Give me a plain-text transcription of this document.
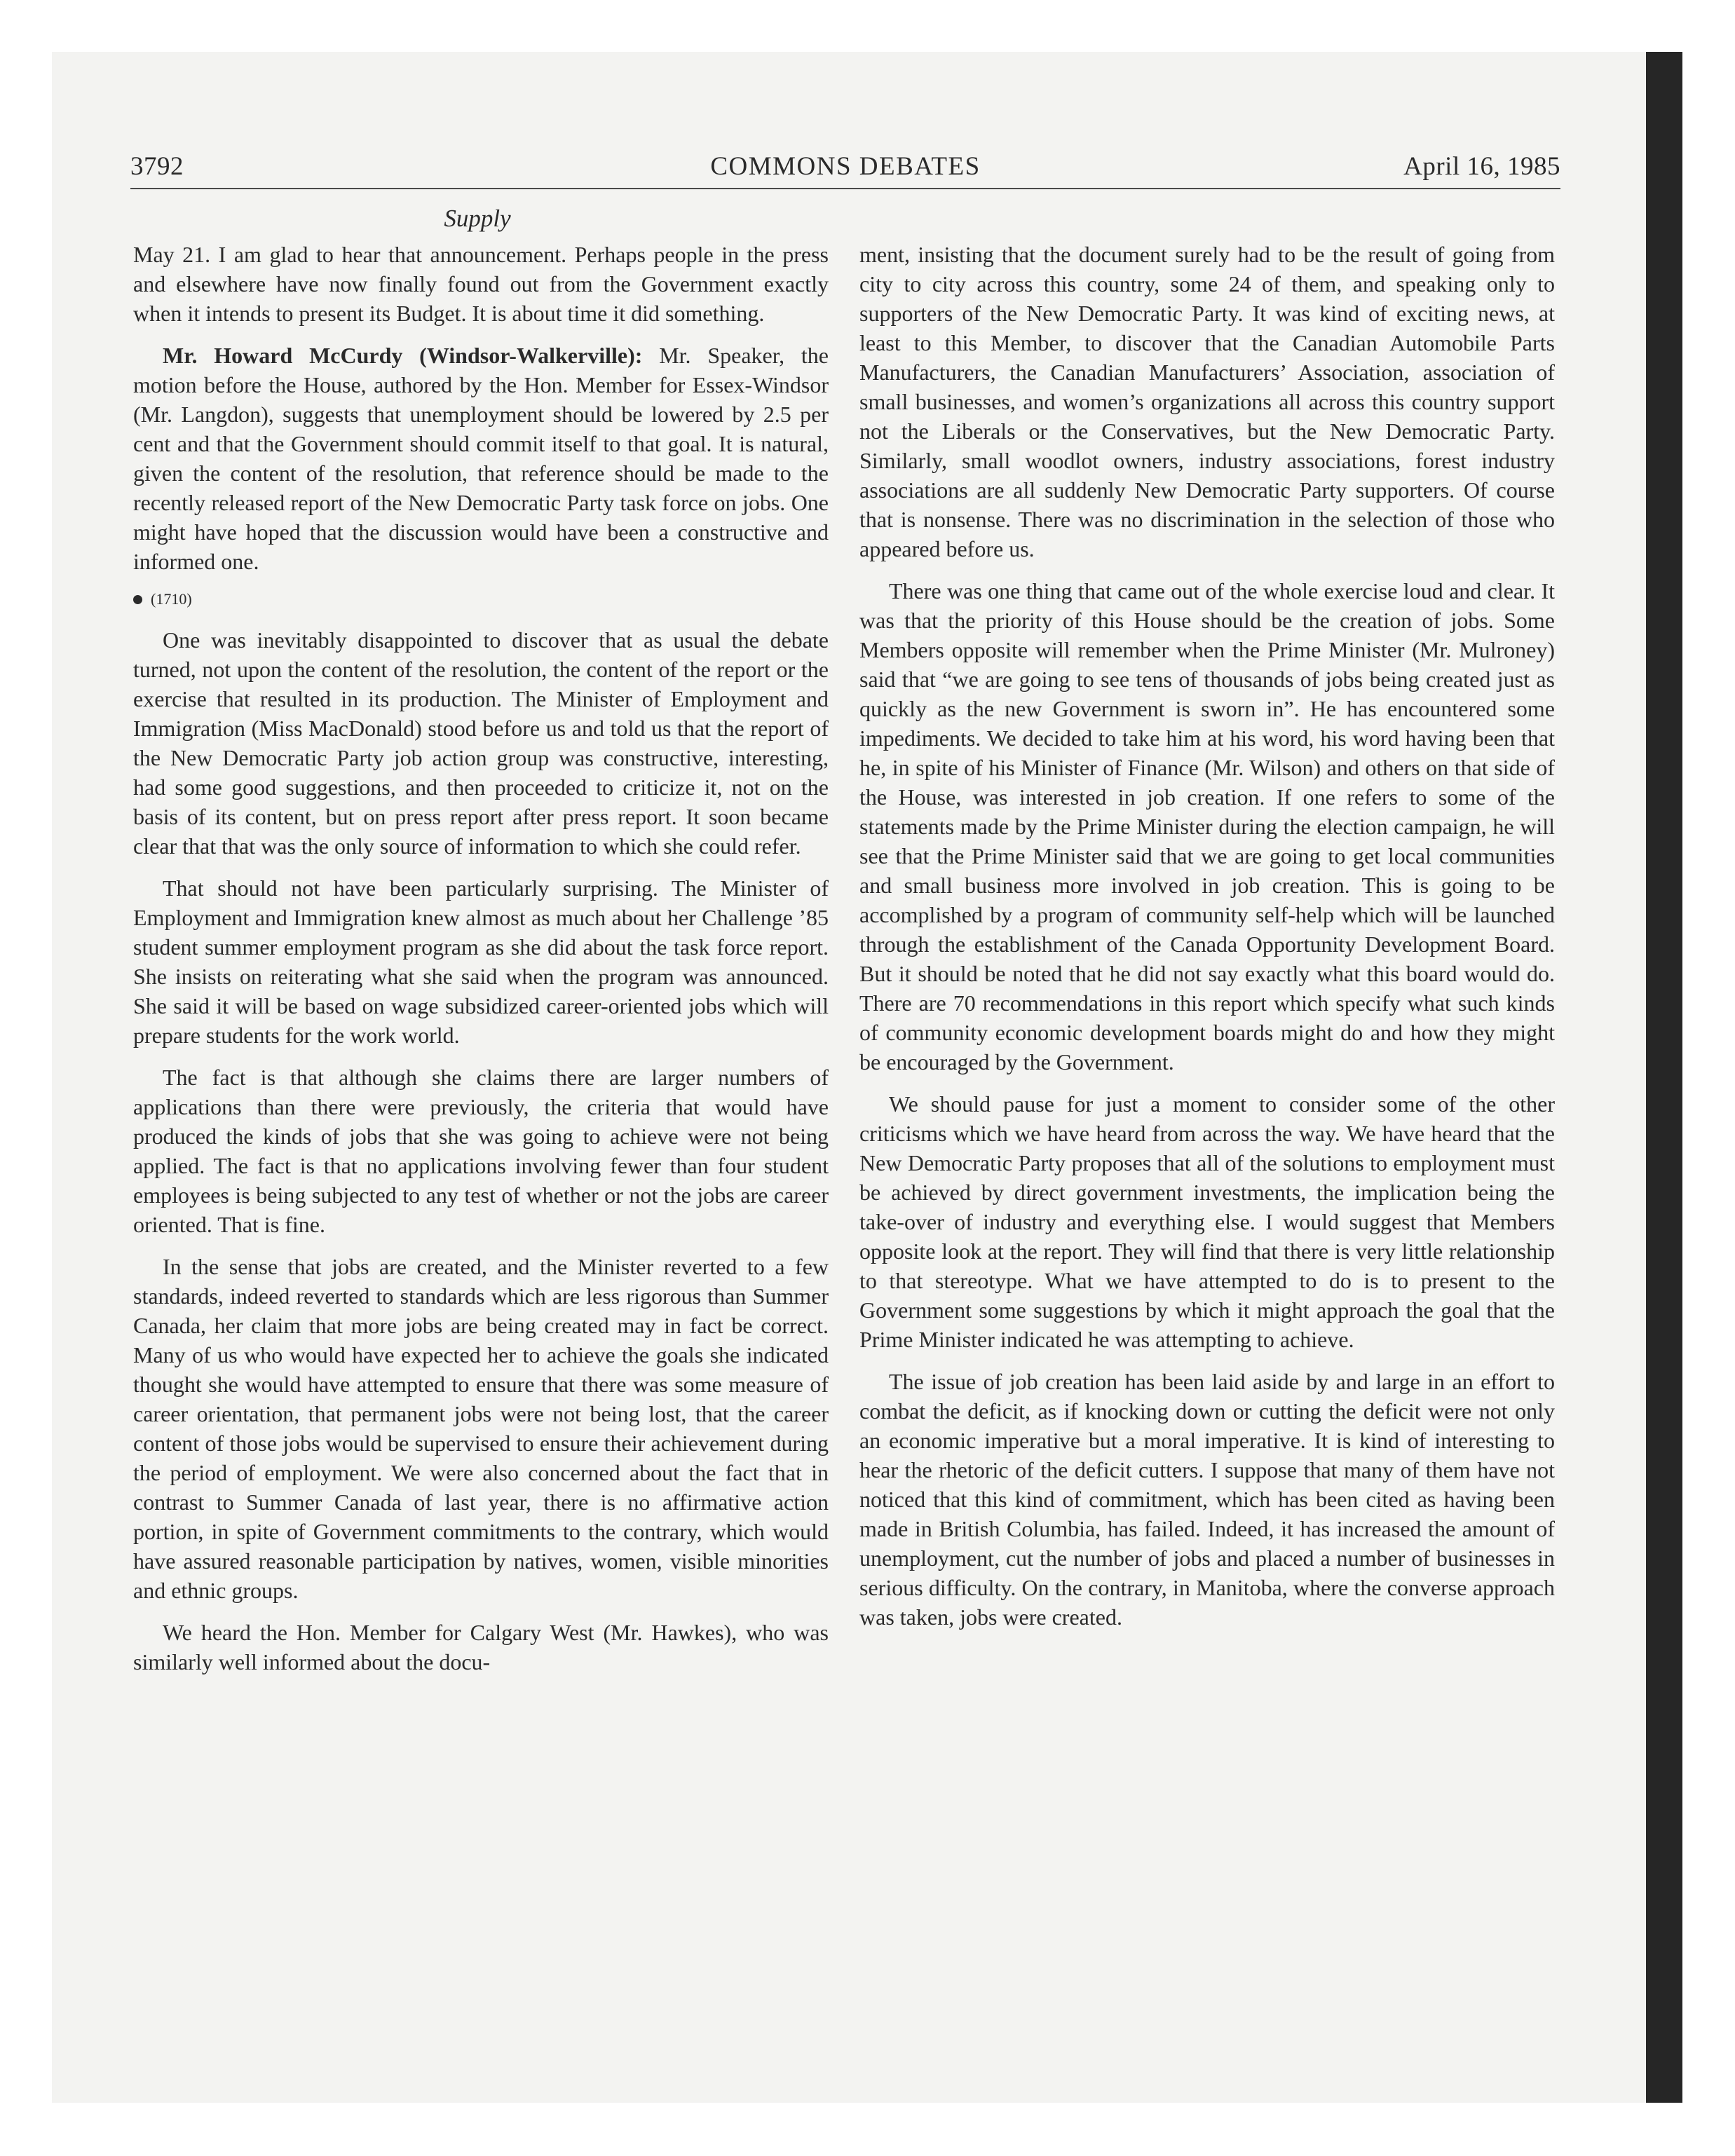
3792	COMMONS DEBATES	April 16, 1985
Supply

May 21. I am glad to hear that announcement. Perhaps people in the press and elsewhere have now finally found out from the Government exactly when it intends to present its Budget. It is about time it did something.

Mr. Howard McCurdy (Windsor-Walkerville): Mr. Speaker, the motion before the House, authored by the Hon. Member for Essex-Windsor (Mr. Langdon), suggests that unemployment should be lowered by 2.5 per cent and that the Government should commit itself to that goal. It is natural, given the content of the resolution, that reference should be made to the recently released report of the New Democratic Party task force on jobs. One might have hoped that the discussion would have been a constructive and informed one.

(1710)

One was inevitably disappointed to discover that as usual the debate turned, not upon the content of the resolution, the content of the report or the exercise that resulted in its production. The Minister of Employment and Immigration (Miss MacDonald) stood before us and told us that the report of the New Democratic Party job action group was constructive, interesting, had some good suggestions, and then proceeded to criticize it, not on the basis of its content, but on press report after press report. It soon became clear that that was the only source of information to which she could refer.

That should not have been particularly surprising. The Minister of Employment and Immigration knew almost as much about her Challenge ’85 student summer employment program as she did about the task force report. She insists on reiterating what she said when the program was announced. She said it will be based on wage subsidized career-oriented jobs which will prepare students for the work world.

The fact is that although she claims there are larger numbers of applications than there were previously, the criteria that would have produced the kinds of jobs that she was going to achieve were not being applied. The fact is that no applications involving fewer than four student employees is being subjected to any test of whether or not the jobs are career oriented. That is fine.

In the sense that jobs are created, and the Minister reverted to a few standards, indeed reverted to standards which are less rigorous than Summer Canada, her claim that more jobs are being created may in fact be correct. Many of us who would have expected her to achieve the goals she indicated thought she would have attempted to ensure that there was some measure of career orientation, that permanent jobs were not being lost, that the career content of those jobs would be supervised to ensure their achievement during the period of employment. We were also concerned about the fact that in contrast to Summer Canada of last year, there is no affirmative action portion, in spite of Government commitments to the contrary, which would have assured reasonable participation by natives, women, visible minorities and ethnic groups.

We heard the Hon. Member for Calgary West (Mr. Hawkes), who was similarly well informed about the docu-

ment, insisting that the document surely had to be the result of going from city to city across this country, some 24 of them, and speaking only to supporters of the New Democratic Party. It was kind of exciting news, at least to this Member, to discover that the Canadian Automobile Parts Manufacturers, the Canadian Manufacturers’ Association, association of small businesses, and women’s organizations all across this country support not the Liberals or the Conservatives, but the New Democratic Party. Similarly, small woodlot owners, industry associations, forest industry associations are all suddenly New Democratic Party supporters. Of course that is nonsense. There was no discrimination in the selection of those who appeared before us.

There was one thing that came out of the whole exercise loud and clear. It was that the priority of this House should be the creation of jobs. Some Members opposite will remember when the Prime Minister (Mr. Mulroney) said that “we are going to see tens of thousands of jobs being created just as quickly as the new Government is sworn in”. He has encountered some impediments. We decided to take him at his word, his word having been that he, in spite of his Minister of Finance (Mr. Wilson) and others on that side of the House, was interested in job creation. If one refers to some of the statements made by the Prime Minister during the election campaign, he will see that the Prime Minister said that we are going to get local communities and small business more involved in job creation. This is going to be accomplished by a program of community self-help which will be launched through the establishment of the Canada Opportunity Development Board. But it should be noted that he did not say exactly what this board would do. There are 70 recommendations in this report which specify what such kinds of community economic development boards might do and how they might be encouraged by the Government.

We should pause for just a moment to consider some of the other criticisms which we have heard from across the way. We have heard that the New Democratic Party proposes that all of the solutions to employment must be achieved by direct government investments, the implication being the take-over of industry and everything else. I would suggest that Members opposite look at the report. They will find that there is very little relationship to that stereotype. What we have attempted to do is to present to the Government some suggestions by which it might approach the goal that the Prime Minister indicated he was attempting to achieve.

The issue of job creation has been laid aside by and large in an effort to combat the deficit, as if knocking down or cutting the deficit were not only an economic imperative but a moral imperative. It is kind of interesting to hear the rhetoric of the deficit cutters. I suppose that many of them have not noticed that this kind of commitment, which has been cited as having been made in British Columbia, has failed. Indeed, it has increased the amount of unemployment, cut the number of jobs and placed a number of businesses in serious difficulty. On the contrary, in Manitoba, where the converse approach was taken, jobs were created.
